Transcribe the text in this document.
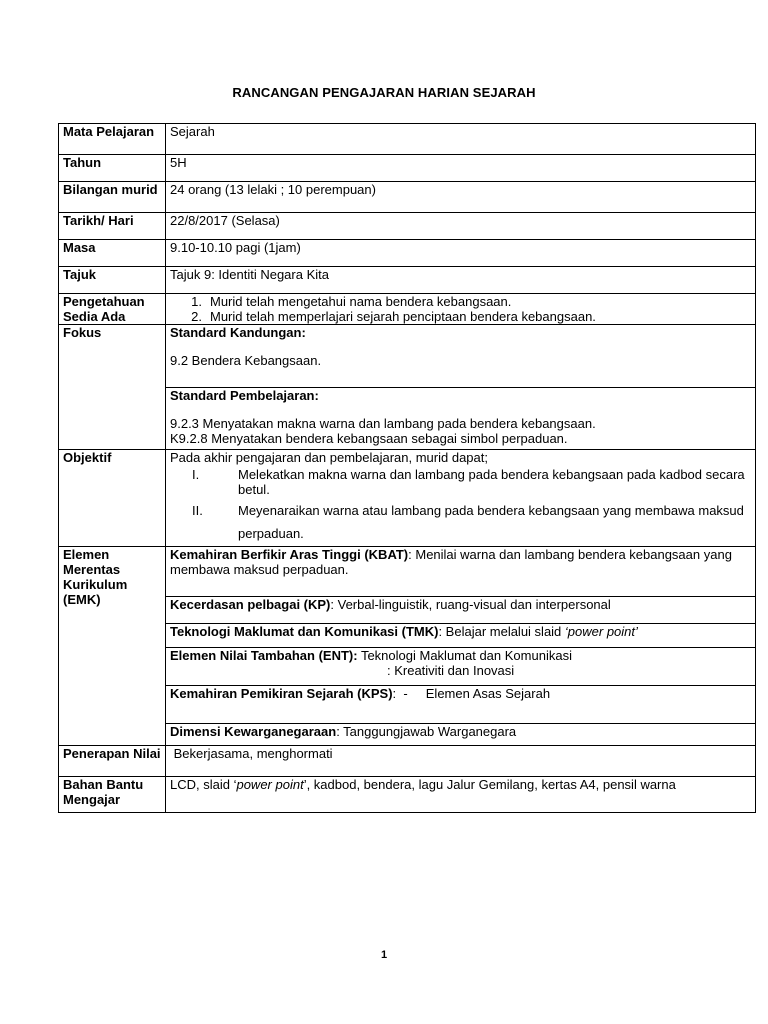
RANCANGAN PENGAJARAN HARIAN SEJARAH
Mata Pelajaran	Sejarah
Tahun	5H
Bilangan murid	24 orang (13 lelaki ; 10 perempuan)
Tarikh/ Hari	22/8/2017 (Selasa)
Masa	9.10-10.10 pagi (1jam)
Tajuk	Tajuk 9: Identiti Negara Kita
Pengetahuan Sedia Ada	1. Murid telah mengetahui nama bendera kebangsaan.
2. Murid telah memperlajari sejarah penciptaan bendera kebangsaan.

Fokus	Standard Kandungan:
9.2 Bendera Kebangsaan.

	Standard Pembelajaran:
9.2.3 Menyatakan makna warna dan lambang pada bendera kebangsaan.
K9.2.8 Menyatakan bendera kebangsaan sebagai simbol perpaduan.

Objektif	Pada akhir pengajaran dan pembelajaran, murid dapat;
I. Melekatkan makna warna dan lambang pada bendera kebangsaan pada kadbod secara betul.
II. Meyenaraikan warna atau lambang pada bendera kebangsaan yang membawa maksud perpaduan.

Elemen Merentas Kurikulum (EMK)	Kemahiran Berfikir Aras Tinggi (KBAT): Menilai warna dan lambang bendera kebangsaan yang membawa maksud perpaduan.
	Kecerdasan pelbagai (KP): Verbal-linguistik, ruang-visual dan interpersonal
	Teknologi Maklumat dan Komunikasi (TMK): Belajar melalui slaid ‘power point’

	Elemen Nilai Tambahan (ENT): Teknologi Maklumat dan Komunikasi
: Kreativiti dan Inovasi

	Kemahiran Pemikiran Sejarah (KPS):  -     Elemen Asas Sejarah
	Dimensi Kewarganegaraan: Tanggungjawab Warganegara
Penerapan Nilai	Bekerjasama, menghormati
Bahan Bantu Mengajar	LCD, slaid ‘power point’, kadbod, bendera, lagu Jalur Gemilang, kertas A4, pensil warna
1
